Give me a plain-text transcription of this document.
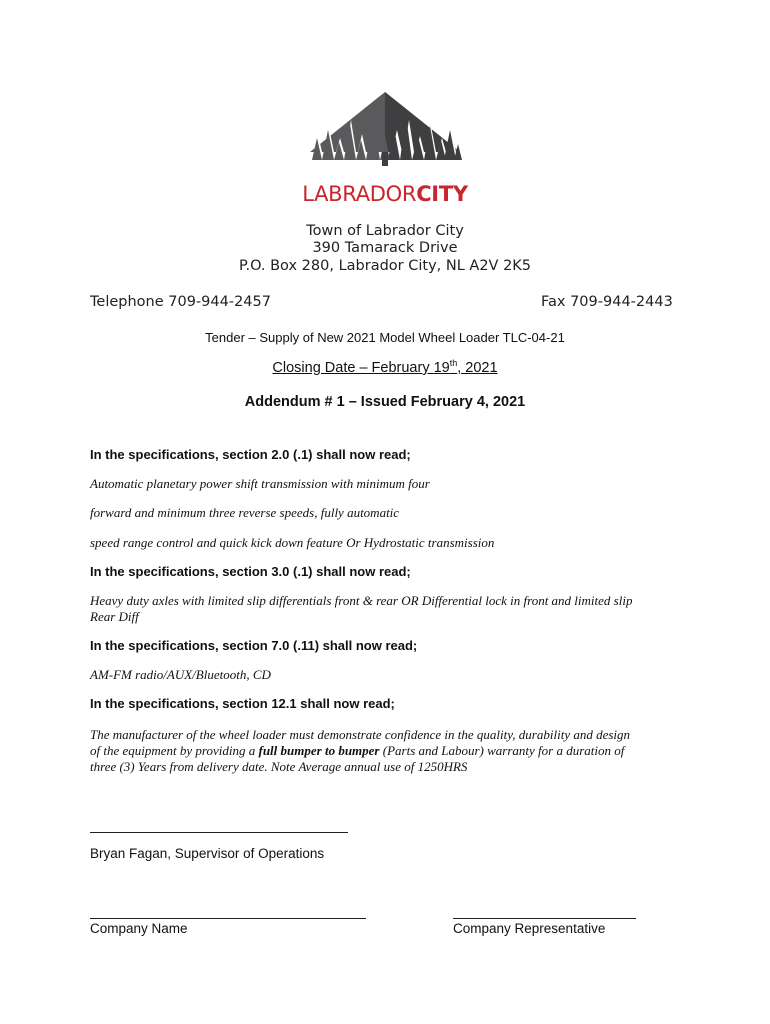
LABRADORCITY
Town of Labrador City
390 Tamarack Drive
P.O. Box 280, Labrador City, NL A2V 2K5
Telephone 709-944-2457	Fax 709-944-2443
Tender – Supply of New 2021 Model Wheel Loader TLC-04-21
Closing Date – February 19th, 2021
Addendum # 1 – Issued February 4, 2021
In the specifications, section 2.0 (.1) shall now read;
Automatic planetary power shift transmission with minimum four
forward and minimum three reverse speeds, fully automatic
speed range control and quick kick down feature Or Hydrostatic transmission
In the specifications, section 3.0 (.1) shall now read;
Heavy duty axles with limited slip differentials front & rear OR Differential lock in front and limited slip
Rear Diff
In the specifications, section 7.0 (.11) shall now read;
AM-FM radio/AUX/Bluetooth, CD
In the specifications, section 12.1 shall now read;
The manufacturer of the wheel loader must demonstrate confidence in the quality, durability and design
of the equipment by providing a full bumper to bumper (Parts and Labour) warranty for a duration of
three (3) Years from delivery date. Note Average annual use of 1250HRS
Bryan Fagan, Supervisor of Operations
Company Name	Company Representative
